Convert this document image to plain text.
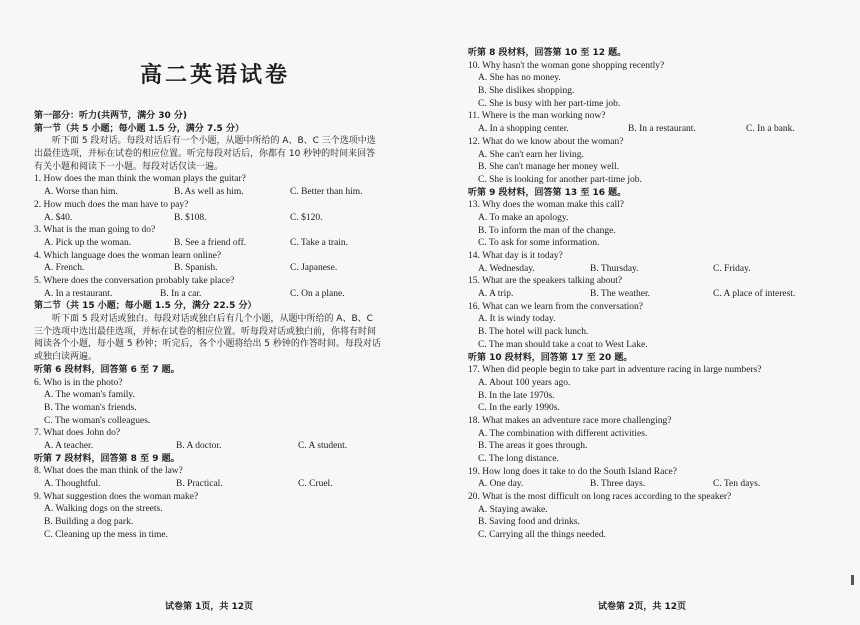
高二英语试卷
第一部分：听力(共两节，满分 30 分)
第一节（共 5 小题；每小题 1.5 分，满分 7.5 分）
听下面 5 段对话。每段对话后有一个小题，从题中所给的 A、B、C 三个选项中选出最佳选项，并标在试卷的相应位置。听完每段对话后，你都有 10 秒钟的时间来回答有关小题和阅读下一小题。每段对话仅读一遍。
1. How does the man think the woman plays the guitar?
A. Worse than him.	B. As well as him.	C. Better than him.
2. How much does the man have to pay?
A. $40.	B. $108.	C. $120.
3. What is the man going to do?
A. Pick up the woman.	B. See a friend off.	C. Take a train.
4. Which language does the woman learn online?
A. French.	B. Spanish.	C. Japanese.
5. Where does the conversation probably take place?
A. In a restaurant.	B. In a car.	C. On a plane.
第二节（共 15 小题；每小题 1.5 分，满分 22.5 分）
听下面 5 段对话或独白。每段对话或独白后有几个小题，从题中所给的 A、B、C 三个选项中选出最佳选项，并标在试卷的相应位置。听每段对话或独白前，你将有时间阅读各个小题，每小题 5 秒钟；听完后，各个小题将给出 5 秒钟的作答时间。每段对话或独白读两遍。
听第 6 段材料，回答第 6 至 7 题。
6. Who is in the photo?
A. The woman's family.
B. The woman's friends.
C. The woman's colleagues.
7. What does John do?
A. A teacher.	B. A doctor.	C. A student.
听第 7 段材料，回答第 8 至 9 题。
8. What does the man think of the law?
A. Thoughtful.	B. Practical.	C. Cruel.
9. What suggestion does the woman make?
A. Walking dogs on the streets.
B. Building a dog park.
C. Cleaning up the mess in time.
试卷第 1页，共 12页
听第 8 段材料，回答第 10 至 12 题。
10. Why hasn't the woman gone shopping recently?
A. She has no money.
B. She dislikes shopping.
C. She is busy with her part-time job.
11. Where is the man working now?
A. In a shopping center.	B. In a restaurant.	C. In a bank.
12. What do we know about the woman?
A. She can't earn her living.
B. She can't manage her money well.
C. She is looking for another part-time job.
听第 9 段材料，回答第 13 至 16 题。
13. Why does the woman make this call?
A. To make an apology.
B. To inform the man of the change.
C. To ask for some information.
14. What day is it today?
A. Wednesday.	B. Thursday.	C. Friday.
15. What are the speakers talking about?
A. A trip.	B. The weather.	C. A place of interest.
16. What can we learn from the conversation?
A. It is windy today.
B. The hotel will pack lunch.
C. The man should take a coat to West Lake.
听第 10 段材料，回答第 17 至 20 题。
17. When did people begin to take part in adventure racing in large numbers?
A. About 100 years ago.
B. In the late 1970s.
C. In the early 1990s.
18. What makes an adventure race more challenging?
A. The combination with different activities.
B. The areas it goes through.
C. The long distance.
19. How long does it take to do the South Island Race?
A. One day.	B. Three days.	C. Ten days.
20. What is the most difficult on long races according to the speaker?
A. Staying awake.
B. Saving food and drinks.
C. Carrying all the things needed.
试卷第 2页，共 12页
